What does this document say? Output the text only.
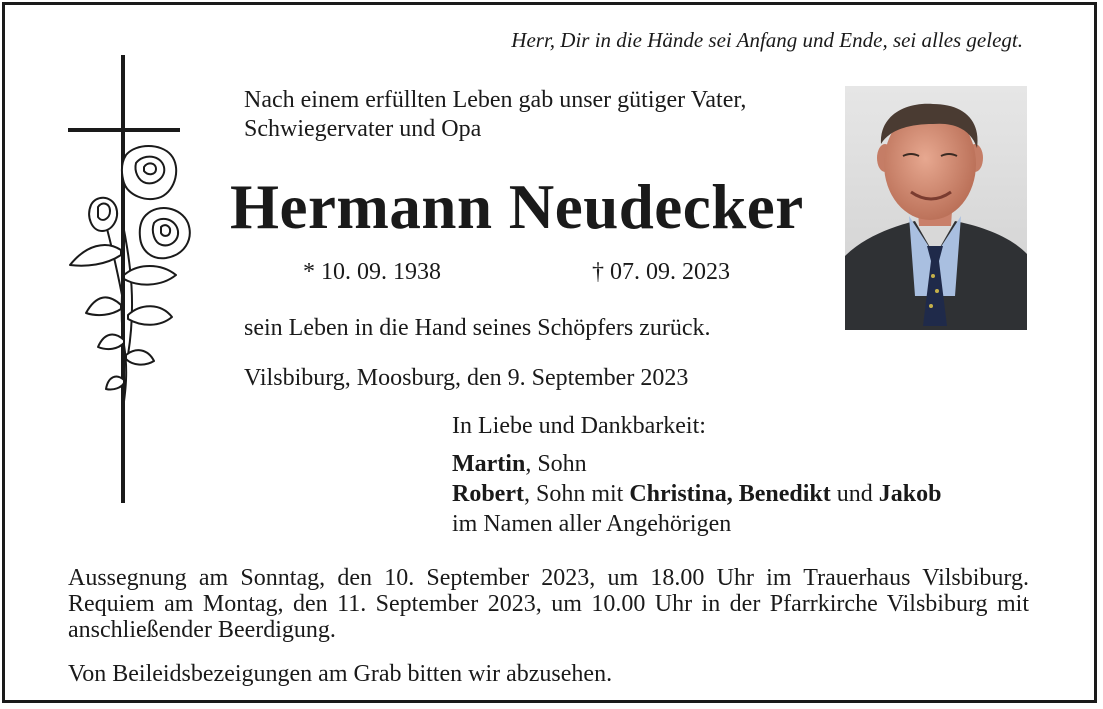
Herr, Dir in die Hände sei Anfang und Ende, sei alles gelegt.
Nach einem erfüllten Leben gab unser gütiger Vater,
Schwiegervater und Opa
Hermann Neudecker
* 10. 09. 1938	† 07. 09. 2023
sein Leben in die Hand seines Schöpfers zurück.
Vilsbiburg, Moosburg, den 9. September 2023
In Liebe und Dankbarkeit:
Martin, Sohn
Robert, Sohn mit Christina, Benedikt und Jakob
im Namen aller Angehörigen
Aussegnung am Sonntag, den 10. September 2023, um 18.00 Uhr im Trauerhaus Vilsbiburg. Requiem am Montag, den 11. September 2023, um 10.00 Uhr in der Pfarrkirche Vilsbiburg mit anschließender Beerdigung.
Von Beileidsbezeigungen am Grab bitten wir abzusehen.
